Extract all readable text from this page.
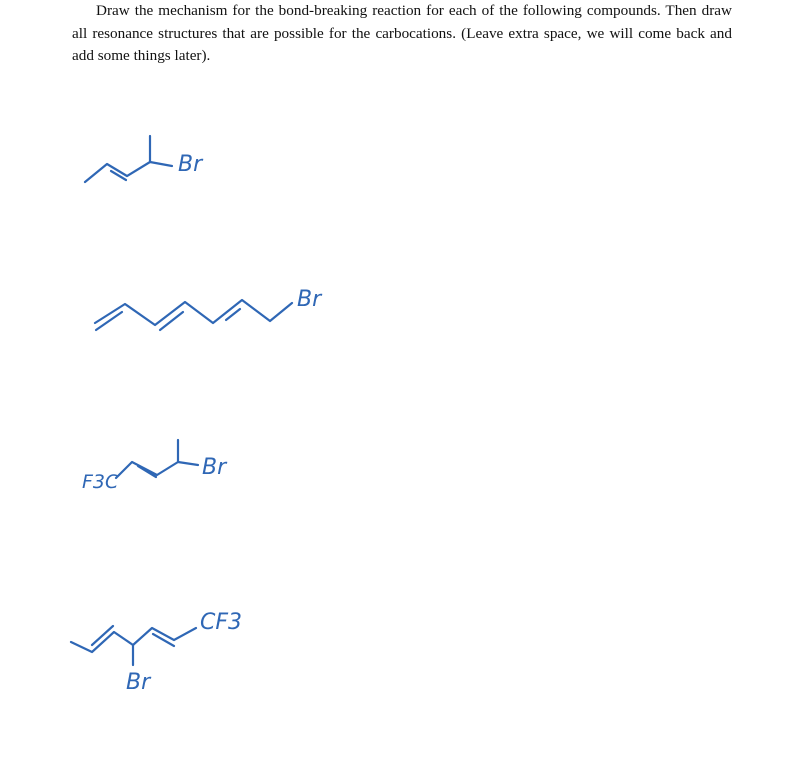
Draw the mechanism for the bond-breaking reaction for each of the following compounds. Then draw all resonance structures that are possible for the carbocations. (Leave extra space, we will come back and add some things later).

Br
Br
F3C
Br
CF3
Br
